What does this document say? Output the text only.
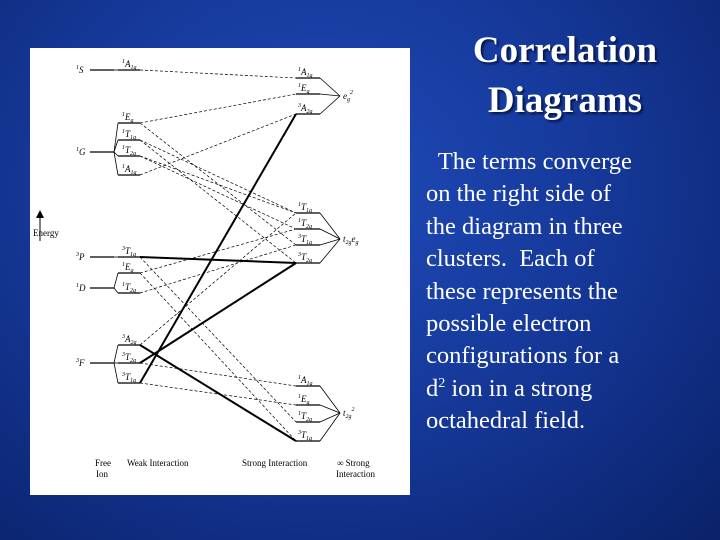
Correlation
Diagrams
The terms converge
on the right side of
the diagram in three
clusters.  Each of
these represents the
possible electron
configurations for a
$d^2$ ion in a strong
octahedral field.
$^1$S
$^1$G
$^3$P
$^1$D
$^3$F
$^1A_{1g}$
$^1E_g$
$^1T_{1g}$
$^1T_{2g}$
$^1A_{1g}$
$^3T_{1g}$
$^1E_g$
$^1T_{2g}$
$^3A_{2g}$
$^3T_{2g}$
$^3T_{1g}$
$^1A_{1g}$
$^1E_g$
$^3A_{2g}$
$^1T_{1g}$
$^1T_{2g}$
$^3T_{1g}$
$^3T_{2g}$
$^1A_{1g}$
$^1E_g$
$^1T_{2g}$
$^3T_{1g}$
$e_g^2$
$t_{2g}e_g$
$t_{2g}^2$
Energy
Free
Ion
Weak Interaction	Strong Interaction	∞ Strong
Interaction
